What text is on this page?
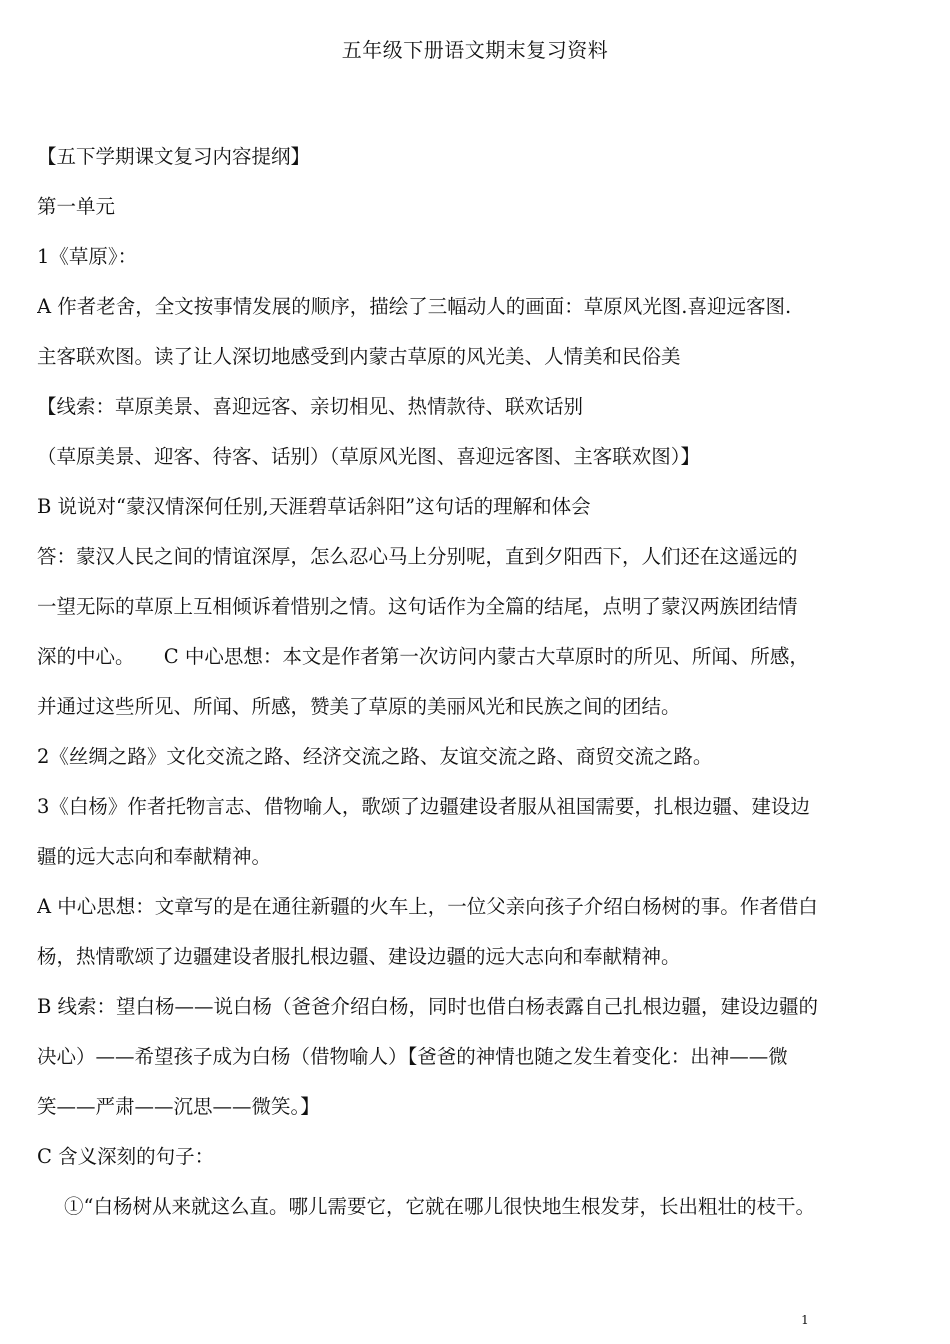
五年级下册语文期末复习资料
【五下学期课文复习内容提纲】
第一单元
1《草原》：
A 作者老舍，全文按事情发展的顺序，描绘了三幅动人的画面：草原风光图.喜迎远客图.
主客联欢图。读了让人深切地感受到内蒙古草原的风光美、人情美和民俗美
【线索：草原美景、喜迎远客、亲切相见、热情款待、联欢话别
（草原美景、迎客、待客、话别）（草原风光图、喜迎远客图、主客联欢图）】
B 说说对“蒙汉情深何任别,天涯碧草话斜阳”这句话的理解和体会
答：蒙汉人民之间的情谊深厚，怎么忍心马上分别呢，直到夕阳西下，人们还在这遥远的
一望无际的草原上互相倾诉着惜别之情。这句话作为全篇的结尾，点明了蒙汉两族团结情
深的中心。　　C 中心思想：本文是作者第一次访问内蒙古大草原时的所见、所闻、所感，
并通过这些所见、所闻、所感，赞美了草原的美丽风光和民族之间的团结。
2《丝绸之路》文化交流之路、经济交流之路、友谊交流之路、商贸交流之路。
3《白杨》作者托物言志、借物喻人，歌颂了边疆建设者服从祖国需要，扎根边疆、建设边
疆的远大志向和奉献精神。
A 中心思想：文章写的是在通往新疆的火车上，一位父亲向孩子介绍白杨树的事。作者借白
杨，热情歌颂了边疆建设者服扎根边疆、建设边疆的远大志向和奉献精神。
B 线索：望白杨——说白杨（爸爸介绍白杨，同时也借白杨表露自己扎根边疆，建设边疆的
决心）——希望孩子成为白杨（借物喻人）【爸爸的神情也随之发生着变化：出神——微
笑——严肃——沉思——微笑。】
C 含义深刻的句子：
①“白杨树从来就这么直。哪儿需要它，它就在哪儿很快地生根发芽，长出粗壮的枝干。
1
